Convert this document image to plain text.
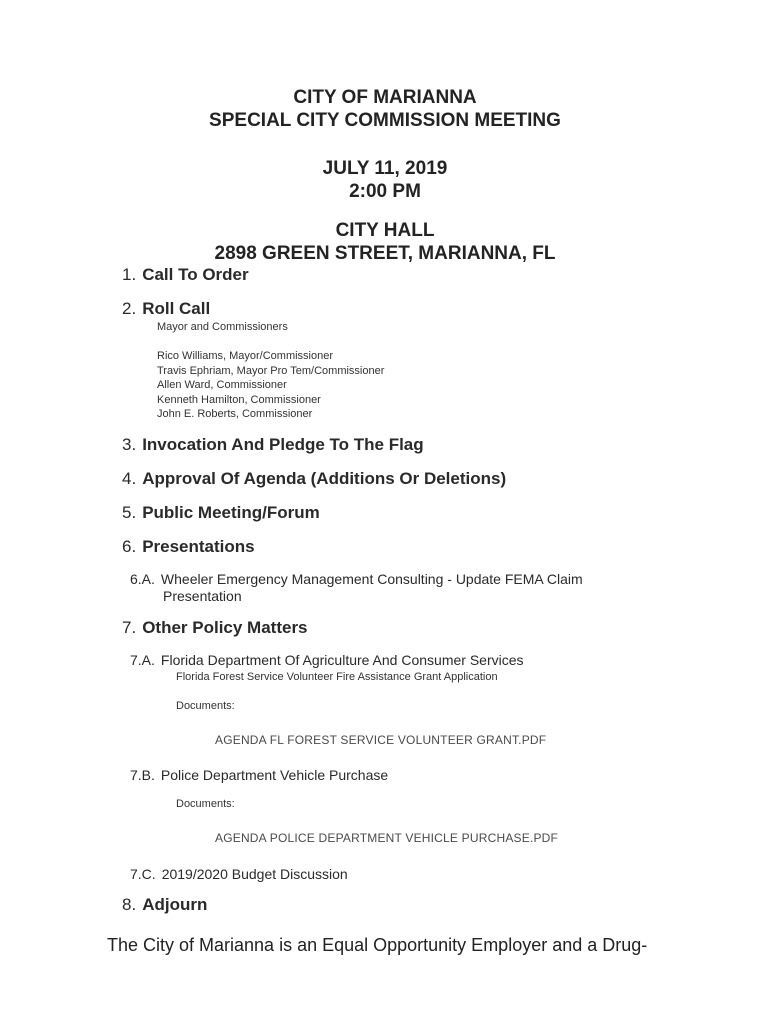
CITY OF MARIANNA
SPECIAL CITY COMMISSION MEETING
JULY 11, 2019
2:00 PM
CITY HALL
2898 GREEN STREET, MARIANNA, FL
1. Call To Order
2. Roll Call
Mayor and Commissioners
Rico Williams, Mayor/Commissioner
Travis Ephriam, Mayor Pro Tem/Commissioner
Allen Ward, Commissioner
Kenneth Hamilton, Commissioner
John E. Roberts, Commissioner
3. Invocation And Pledge To The Flag
4. Approval Of Agenda (Additions Or Deletions)
5. Public Meeting/Forum
6. Presentations
6.A. Wheeler Emergency Management Consulting - Update FEMA Claim
Presentation
7. Other Policy Matters
7.A. Florida Department Of Agriculture And Consumer Services
Florida Forest Service Volunteer Fire Assistance Grant Application
Documents:
AGENDA FL FOREST SERVICE VOLUNTEER GRANT.PDF
7.B. Police Department Vehicle Purchase
Documents:
AGENDA POLICE DEPARTMENT VEHICLE PURCHASE.PDF
7.C. 2019/2020 Budget Discussion
8. Adjourn
The City of Marianna is an Equal Opportunity Employer and a Drug-
